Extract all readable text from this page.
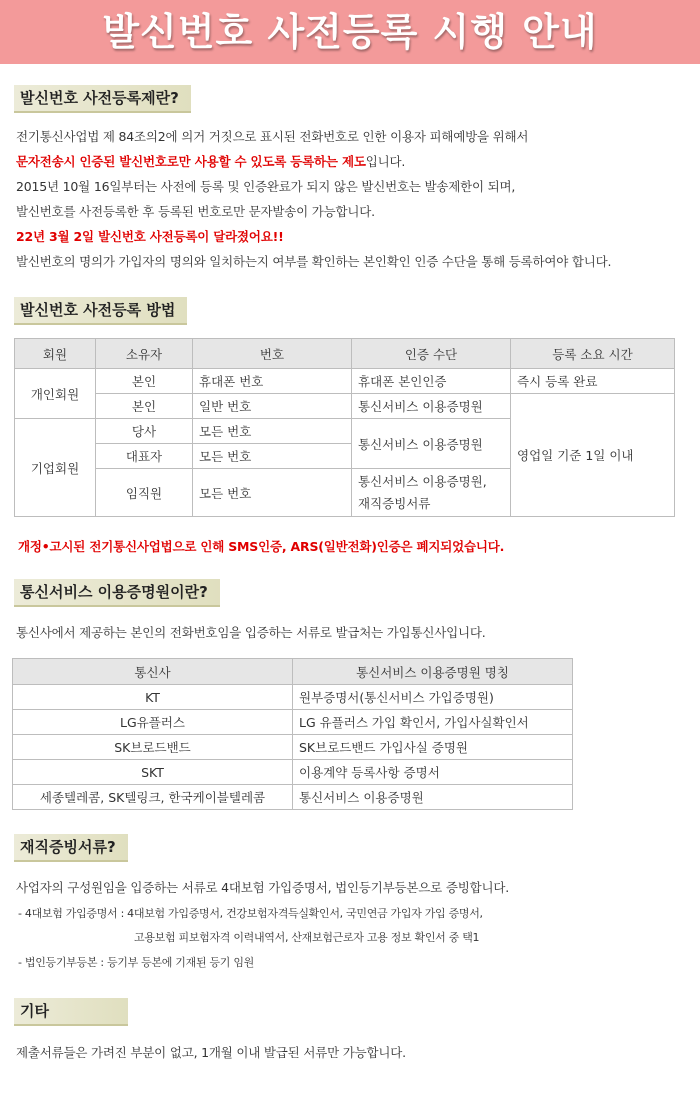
발신번호 사전등록 시행 안내
발신번호 사전등록제란?
전기통신사업법 제 84조의2에 의거 거짓으로 표시된 전화번호로 인한 이용자 피해예방을 위해서
문자전송시 인증된 발신번호로만 사용할 수 있도록 등록하는 제도입니다.
2015년 10월 16일부터는 사전에 등록 및 인증완료가 되지 않은 발신번호는 발송제한이 되며,
발신번호를 사전등록한 후 등록된 번호로만 문자발송이 가능합니다.
22년 3월 2일 발신번호 사전등록이 달라졌어요!!
발신번호의 명의가 가입자의 명의와 일치하는지 여부를 확인하는 본인확인 인증 수단을 통해 등록하여야 합니다.
발신번호 사전등록 방법
회원	소유자	번호	인증 수단	등록 소요 시간
개인회원	본인	휴대폰 번호	휴대폰 본인인증	즉시 등록 완료
	본인	일반 번호	통신서비스 이용증명원	영업일 기준 1일 이내
기업회원	당사	모든 번호	통신서비스 이용증명원	
	대표자	모든 번호		
	임직원	모든 번호	통신서비스 이용증명원,
재직증빙서류	
개정•고시된 전기통신사업법으로 인해 SMS인증, ARS(일반전화)인증은 폐지되었습니다.
통신서비스 이용증명원이란?
통신사에서 제공하는 본인의 전화번호임을 입증하는 서류로 발급처는 가입통신사입니다.
통신사	통신서비스 이용증명원 명칭
KT	원부증명서(통신서비스 가입증명원)
LG유플러스	LG 유플러스 가입 확인서, 가입사실확인서
SK브로드밴드	SK브로드밴드 가입사실 증명원
SKT	이용계약 등록사항 증명서
세종텔레콤, SK텔링크, 한국케이블텔레콤	통신서비스 이용증명원
재직증빙서류?
사업자의 구성원임을 입증하는 서류로 4대보험 가입증명서, 법인등기부등본으로 증빙합니다.
- 4대보험 가입증명서 : 4대보험 가입증명서, 건강보험자격득실확인서, 국민연금 가입자 가입 증명서,
고용보험 피보험자격 이력내역서, 산재보험근로자 고용 정보 확인서 중 택1
- 법인등기부등본 : 등기부 등본에 기재된 등기 임원
기타
제출서류들은 가려진 부분이 없고, 1개월 이내 발급된 서류만 가능합니다.
